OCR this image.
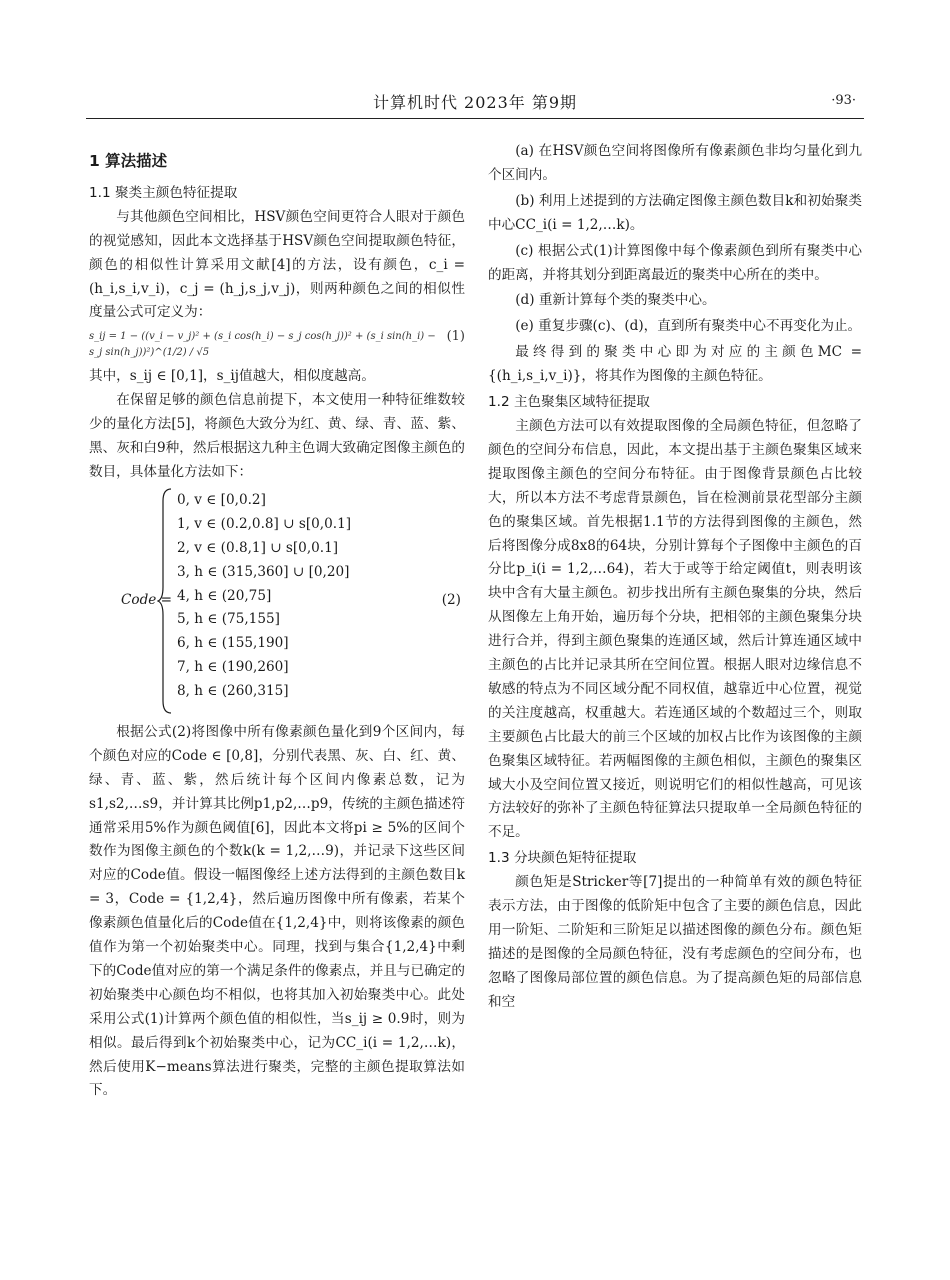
计算机时代 2023年 第9期	·93·
1 算法描述
1.1 聚类主颜色特征提取

与其他颜色空间相比，HSV颜色空间更符合人眼对于颜色的视觉感知，因此本文选择基于HSV颜色空间提取颜色特征，颜色的相似性计算采用文献[4]的方法，设有颜色，c_i = (h_i,s_i,v_i)，c_j = (h_j,s_j,v_j)，则两种颜色之间的相似性度量公式可定义为：

s_ij = 1 − ((v_i − v_j)² + (s_i cos(h_i) − s_j cos(h_j))² + (s_i sin(h_i) − s_j sin(h_j))²)^(1/2) / √5
(1)

其中，s_ij ∈ [0,1]，s_ij值越大，相似度越高。

在保留足够的颜色信息前提下，本文使用一种特征维数较少的量化方法[5]，将颜色大致分为红、黄、绿、青、蓝、紫、黑、灰和白9种，然后根据这九种主色调大致确定图像主颜色的数目，具体量化方法如下：

Code =
0, v ∈ [0,0.2]
1, v ∈ (0.2,0.8] ∪ s[0,0.1]
2, v ∈ (0.8,1] ∪ s[0,0.1]
3, h ∈ (315,360] ∪ [0,20]
4, h ∈ (20,75]
5, h ∈ (75,155]
6, h ∈ (155,190]
7, h ∈ (190,260]
8, h ∈ (260,315]
(2)

根据公式(2)将图像中所有像素颜色量化到9个区间内，每个颜色对应的Code ∈ [0,8]，分别代表黑、灰、白、红、黄、绿、青、蓝、紫，然后统计每个区间内像素总数，记为s1,s2,…s9，并计算其比例p1,p2,…p9，传统的主颜色描述符通常采用5%作为颜色阈值[6]，因此本文将pi ≥ 5%的区间个数作为图像主颜色的个数k(k = 1,2,…9)，并记录下这些区间对应的Code值。假设一幅图像经上述方法得到的主颜色数目k = 3，Code = {1,2,4}，然后遍历图像中所有像素，若某个像素颜色值量化后的Code值在{1,2,4}中，则将该像素的颜色值作为第一个初始聚类中心。同理，找到与集合{1,2,4}中剩下的Code值对应的第一个满足条件的像素点，并且与已确定的初始聚类中心颜色均不相似，也将其加入初始聚类中心。此处采用公式(1)计算两个颜色值的相似性，当s_ij ≥ 0.9时，则为相似。最后得到k个初始聚类中心，记为CC_i(i = 1,2,…k)，然后使用K−means算法进行聚类，完整的主颜色提取算法如下。

(a) 在HSV颜色空间将图像所有像素颜色非均匀量化到九个区间内。

(b) 利用上述提到的方法确定图像主颜色数目k和初始聚类中心CC_i(i = 1,2,…k)。

(c) 根据公式(1)计算图像中每个像素颜色到所有聚类中心的距离，并将其划分到距离最近的聚类中心所在的类中。

(d) 重新计算每个类的聚类中心。

(e) 重复步骤(c)、(d)，直到所有聚类中心不再变化为止。

最终得到的聚类中心即为对应的主颜色MC = {(h_i,s_i,v_i)}，将其作为图像的主颜色特征。

1.2 主色聚集区域特征提取

主颜色方法可以有效提取图像的全局颜色特征，但忽略了颜色的空间分布信息，因此，本文提出基于主颜色聚集区域来提取图像主颜色的空间分布特征。由于图像背景颜色占比较大，所以本方法不考虑背景颜色，旨在检测前景花型部分主颜色的聚集区域。首先根据1.1节的方法得到图像的主颜色，然后将图像分成8x8的64块，分别计算每个子图像中主颜色的百分比p_i(i = 1,2,…64)，若大于或等于给定阈值t，则表明该块中含有大量主颜色。初步找出所有主颜色聚集的分块，然后从图像左上角开始，遍历每个分块，把相邻的主颜色聚集分块进行合并，得到主颜色聚集的连通区域，然后计算连通区域中主颜色的占比并记录其所在空间位置。根据人眼对边缘信息不敏感的特点为不同区域分配不同权值，越靠近中心位置，视觉的关注度越高，权重越大。若连通区域的个数超过三个，则取主要颜色占比最大的前三个区域的加权占比作为该图像的主颜色聚集区域特征。若两幅图像的主颜色相似，主颜色的聚集区域大小及空间位置又接近，则说明它们的相似性越高，可见该方法较好的弥补了主颜色特征算法只提取单一全局颜色特征的不足。

1.3 分块颜色矩特征提取

颜色矩是Stricker等[7]提出的一种简单有效的颜色特征表示方法，由于图像的低阶矩中包含了主要的颜色信息，因此用一阶矩、二阶矩和三阶矩足以描述图像的颜色分布。颜色矩描述的是图像的全局颜色特征，没有考虑颜色的空间分布，也忽略了图像局部位置的颜色信息。为了提高颜色矩的局部信息和空
